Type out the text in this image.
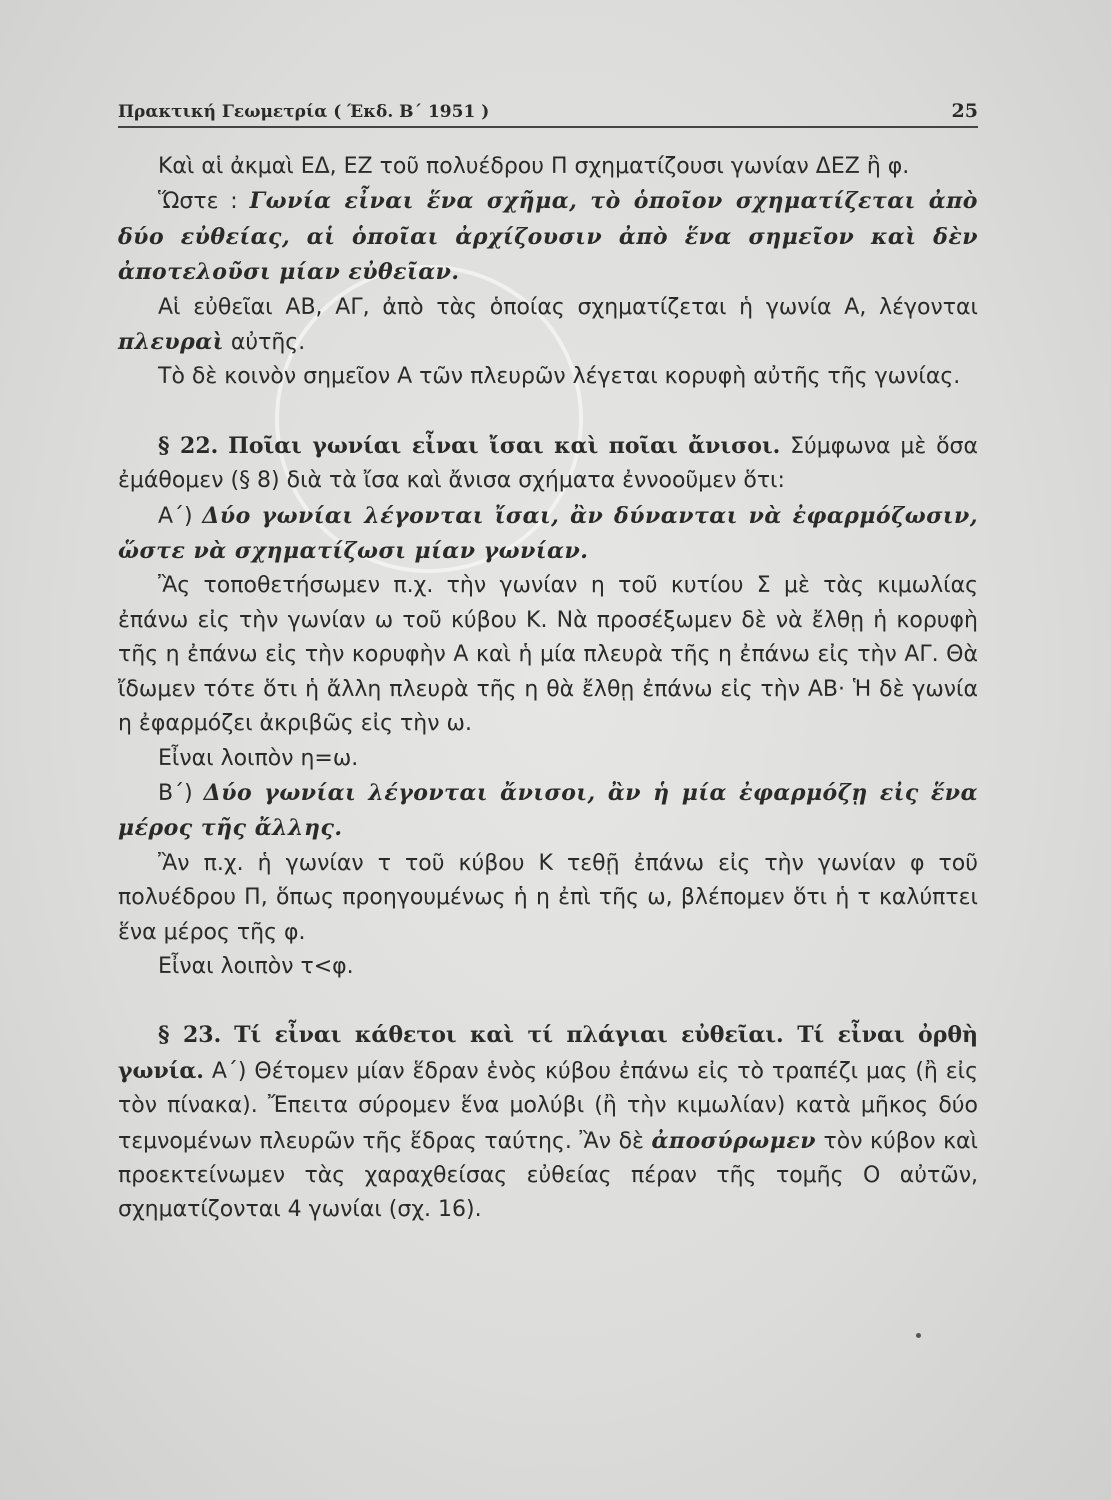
Πρακτική Γεωμετρία ( Έκδ. Β΄ 1951 )	25

Καὶ αἱ ἀκμαὶ ΕΔ, ΕΖ τοῦ πολυέδρου Π σχηματίζουσι γωνίαν ΔΕΖ ἢ φ.

Ὥστε : Γωνία εἶναι ἕνα σχῆμα, τὸ ὁποῖον σχηματίζεται ἀπὸ δύο εὐθείας, αἱ ὁποῖαι ἀρχίζουσιν ἀπὸ ἕνα σημεῖον καὶ δὲν ἀποτελοῦσι μίαν εὐθεῖαν.

Αἱ εὐθεῖαι ΑΒ, ΑΓ, ἀπὸ τὰς ὁποίας σχηματίζεται ἡ γωνία Α, λέγονται πλευραὶ αὐτῆς.

Τὸ δὲ κοινὸν σημεῖον Α τῶν πλευρῶν λέγεται κορυφὴ αὐτῆς τῆς γωνίας.

§ 22. Ποῖαι γωνίαι εἶναι ἴσαι καὶ ποῖαι ἄνισοι. Σύμφωνα μὲ ὅσα ἐμάθομεν (§ 8) διὰ τὰ ἴσα καὶ ἄνισα σχήματα ἐννοοῦμεν ὅτι:

Α΄) Δύο γωνίαι λέγονται ἴσαι, ἂν δύνανται νὰ ἐφαρμόζωσιν, ὥστε νὰ σχηματίζωσι μίαν γωνίαν.

Ἂς τοποθετήσωμεν π.χ. τὴν γωνίαν η τοῦ κυτίου Σ μὲ τὰς κιμωλίας ἐπάνω εἰς τὴν γωνίαν ω τοῦ κύβου Κ. Νὰ προσέξωμεν δὲ νὰ ἔλθῃ ἡ κορυφὴ τῆς η ἐπάνω εἰς τὴν κορυφὴν Α καὶ ἡ μία πλευρὰ τῆς η ἐπάνω εἰς τὴν ΑΓ. Θὰ ἴδωμεν τότε ὅτι ἡ ἄλλη πλευρὰ τῆς η θὰ ἔλθῃ ἐπάνω εἰς τὴν ΑΒ· Ἡ δὲ γωνία η ἐφαρμόζει ἀκριβῶς εἰς τὴν ω.

Εἶναι λοιπὸν η=ω.

Β΄) Δύο γωνίαι λέγονται ἄνισοι, ἂν ἡ μία ἐφαρμόζῃ εἰς ἕνα μέρος τῆς ἄλλης.

Ἂν π.χ. ἡ γωνίαν τ τοῦ κύβου Κ τεθῇ ἐπάνω εἰς τὴν γωνίαν φ τοῦ πολυέδρου Π, ὅπως προηγουμένως ἡ η ἐπὶ τῆς ω, βλέπομεν ὅτι ἡ τ καλύπτει ἕνα μέρος τῆς φ.

Εἶναι λοιπὸν τ<φ.

§ 23. Τί εἶναι κάθετοι καὶ τί πλάγιαι εὐθεῖαι. Τί εἶναι ὀρθὴ γωνία. Α΄) Θέτομεν μίαν ἕδραν ἑνὸς κύβου ἐπάνω εἰς τὸ τραπέζι μας (ἢ εἰς τὸν πίνακα). Ἔπειτα σύρομεν ἕνα μολύβι (ἢ τὴν κιμωλίαν) κατὰ μῆκος δύο τεμνομένων πλευρῶν τῆς ἕδρας ταύτης. Ἂν δὲ ἀποσύρωμεν τὸν κύβον καὶ προεκτείνωμεν τὰς χαραχθείσας εὐθείας πέραν τῆς τομῆς Ο αὐτῶν, σχηματίζονται 4 γωνίαι (σχ. 16).
